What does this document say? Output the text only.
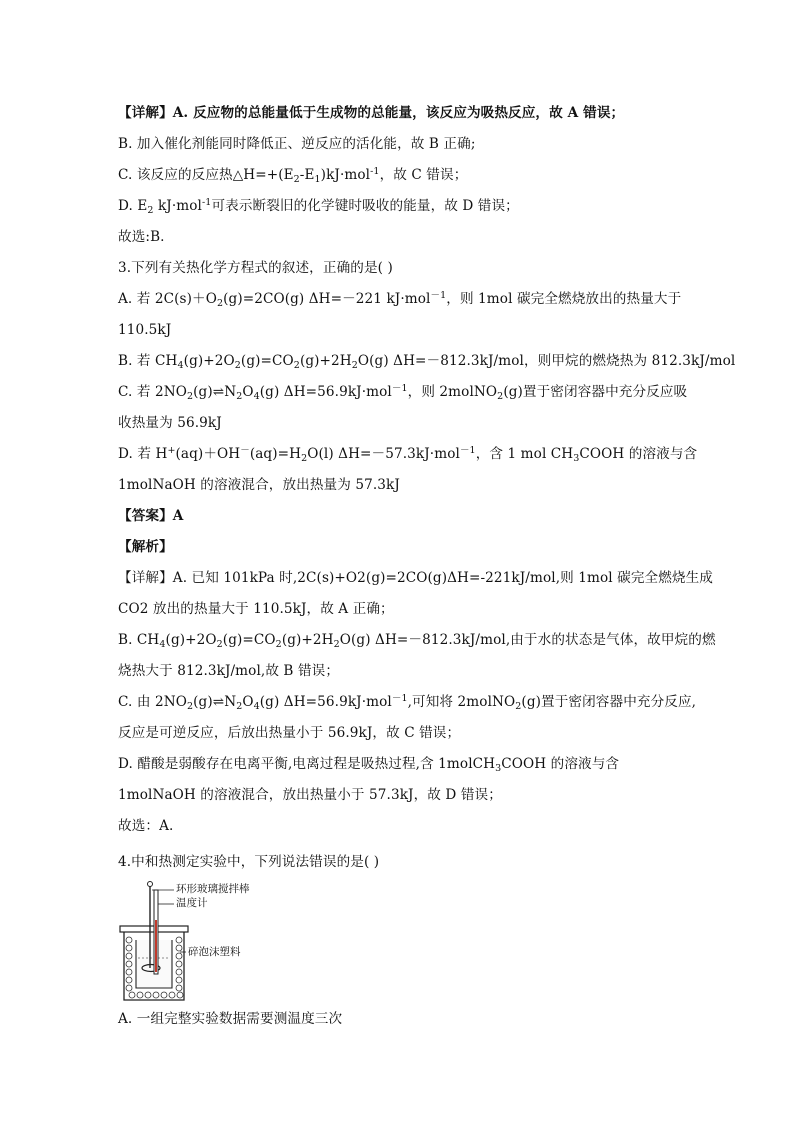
【详解】A. 反应物的总能量低于生成物的总能量，该反应为吸热反应，故 A 错误；
B. 加入催化剂能同时降低正、逆反应的活化能，故 B 正确;
C. 该反应的反应热$\triangle H=+(E_2-E_1)kJ\cdot mol^{-1}$，故 C 错误；
D. $E_2$ kJ·mol$^{-1}$可表示断裂旧的化学键时吸收的能量，故 D 错误；
故选:B.
3.下列有关热化学方程式的叙述，正确的是( )
A. 若 $2C(s)+O_2(g)=2CO(g)$ ΔH=－221 kJ·mol$^{-1}$，则 1mol 碳完全燃烧放出的热量大于
110.5kJ
B. 若 $CH_4(g)+2O_2(g)=CO_2(g)+2H_2O(g)$ ΔH=－812.3kJ/mol，则甲烷的燃烧热为 812.3kJ/mol
C. 若 $2NO_2(g)\rightleftharpoons N_2O_4(g)$ ΔH=56.9kJ·mol$^{-1}$，则 2molNO$_2$(g)置于密闭容器中充分反应吸
收热量为 56.9kJ
D. 若 $H^+(aq)+OH^-(aq)=H_2O(l)$ ΔH=－57.3kJ·mol$^{-1}$，含 1 mol $CH_3COOH$ 的溶液与含
1molNaOH 的溶液混合，放出热量为 57.3kJ
【答案】A
【解析】
【详解】A. 已知 101kPa 时,2C(s)+O2(g)=2CO(g)ΔH=-221kJ/mol,则 1mol 碳完全燃烧生成
CO2 放出的热量大于 110.5kJ，故 A 正确；
B. $CH_4(g)+2O_2(g)=CO_2(g)+2H_2O(g)$ ΔH=－812.3kJ/mol,由于水的状态是气体，故甲烷的燃
烧热大于 812.3kJ/mol,故 B 错误；
C. 由 $2NO_2(g)\rightleftharpoons N_2O_4(g)$ ΔH=56.9kJ·mol$^{-1}$,可知将 2molNO$_2$(g)置于密闭容器中充分反应,
反应是可逆反应，后放出热量小于 56.9kJ，故 C 错误；
D. 醋酸是弱酸存在电离平衡,电离过程是吸热过程,含 1molCH$_3$COOH 的溶液与含
1molNaOH 的溶液混合，放出热量小于 57.3kJ，故 D 错误；
故选：A.
4.中和热测定实验中，下列说法错误的是( )
环形玻璃搅拌棒
温度计
碎泡沫塑料
A. 一组完整实验数据需要测温度三次
